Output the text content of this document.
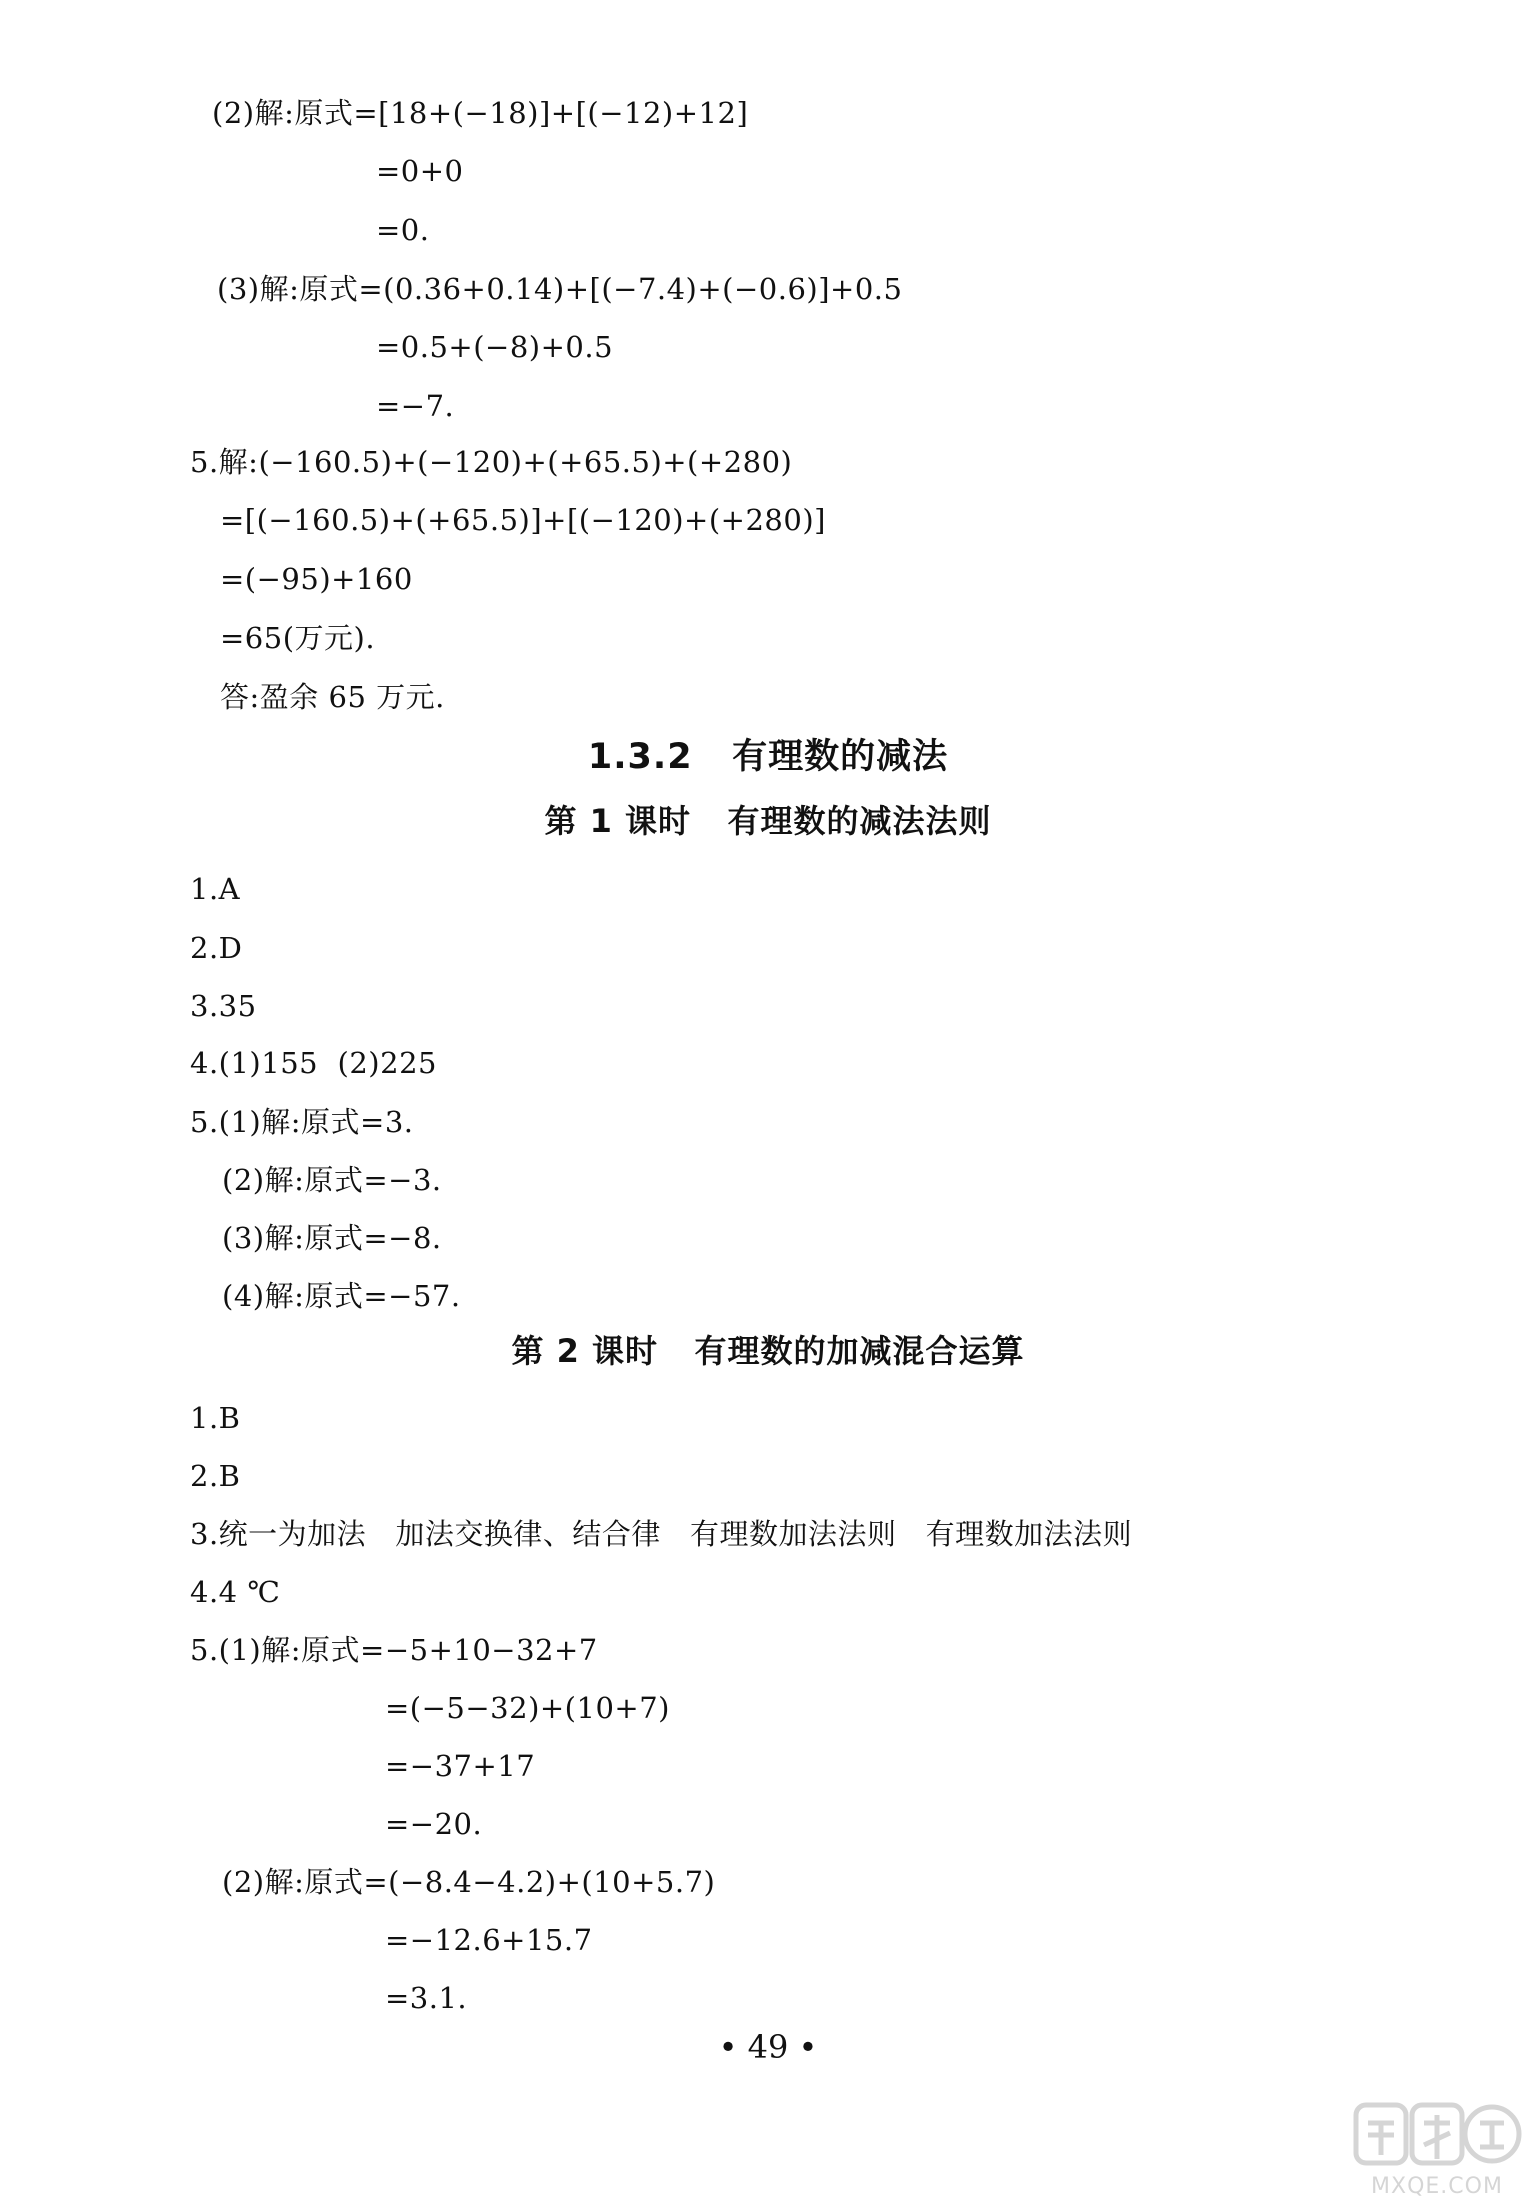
(2)解:原式=[18+(−18)]+[(−12)+12]
=0+0
=0.
(3)解:原式=(0.36+0.14)+[(−7.4)+(−0.6)]+0.5
=0.5+(−8)+0.5
=−7.
5.解:(−160.5)+(−120)+(+65.5)+(+280)
=[(−160.5)+(+65.5)]+[(−120)+(+280)]
=(−95)+160
=65(万元).
答:盈余 65 万元.
1.3.2   有理数的减法
第 1 课时   有理数的减法法则
1.A
2.D
3.35
4.(1)155  (2)225
5.(1)解:原式=3.
(2)解:原式=−3.
(3)解:原式=−8.
(4)解:原式=−57.
第 2 课时   有理数的加减混合运算
1.B
2.B
3.统一为加法   加法交换律、结合律   有理数加法法则   有理数加法法则
4.4 ℃
5.(1)解:原式=−5+10−32+7
=(−5−32)+(10+7)
=−37+17
=−20.
(2)解:原式=(−8.4−4.2)+(10+5.7)
=−12.6+15.7
=3.1.
• 49 •
MXQE.COM
